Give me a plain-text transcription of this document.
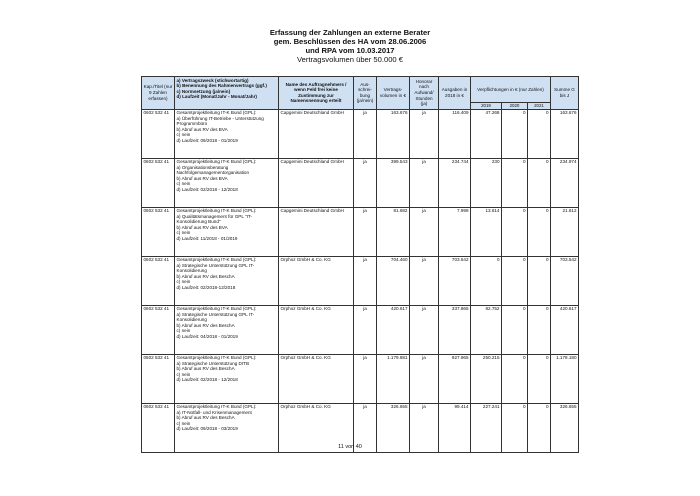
Erfassung der Zahlungen an externe Berater
gem. Beschlüssen des HA vom 28.06.2006
und RPA vom 10.03.2017
Vertragsvolumen über 50.000 €
Kap./Titel (nur 9 Zahlen erfassen)	a) Vertragszweck (stichwortartig)
b) Benennung des Rahmenvertrags (ggf.)
c) Normsetzung (ja/nein)
d) Laufzeit (Monat/Jahr - Monat/Jahr)	Name des Auftragnehmers / wenn Feld frei keine Zustimmung zur Namensnennung erteilt	Aus-schrei-bung (ja/nein)	Vertrags-volumen in €	Honorar nach Aufwand/ Stunden (ja)	Ausgaben in 2018 in €	Verpflichtungen in € (nur Zahlen)			Summe G bis J
							2019	2020	2021	
0602 532 41	Gesamtprojektleitung IT-K Bund (GPL):
a) Überführung IT-Betriebe - Unterstützung Programmbüro
b) Abruf aus RV des BVA
c) nein
d) Laufzeit: 09/2018 - 01/2019	Capgemini Deutschland GmbH	ja	163.676	ja	116.409	47.268	0	0	163.676
0602 532 41	Gesamtprojektleitung IT-K Bund (GPL):
a) Organisationsberatung Nachfolgemanagementorganisation
b) Abruf aus RV des BVA
c) nein
d) Laufzeit: 02/2018 - 12/2018	Capgemini Deutschland GmbH	ja	399.543	ja	234.744	230	0	0	234.974
0602 532 41	Gesamtprojektleitung IT-K Bund (GPL):
a) Qualitätsmanagement für GPL "IT-Konsolidierung Bund"
b) Abruf aus RV des BVA
c) nein
d) Laufzeit: 11/2018 - 01/2019	Capgemini Deutschland GmbH	ja	81.682	ja	7.998	13.614	0	0	21.612
0602 532 41	Gesamtprojektleitung IT-K Bund (GPL):
a) Strategische Unterstützung GPL IT-Konsolidierung
b) Abruf aus RV des BeschA
c) nein
d) Laufzeit: 02/2018-12/2018	Orphoz GmbH & Co. KG	ja	704.460	ja	703.542	0	0	0	703.542
0602 532 41	Gesamtprojektleitung IT-K Bund (GPL):
a) Strategische Unterstützung GPL IT-Konsolidierung
b) Abruf aus RV des BeschA
c) nein
d) Laufzeit: 04/2018 - 01/2019	Orphoz GmbH & Co. KG	ja	420.617	ja	337.865	82.752	0	0	420.617
0602 532 41	Gesamtprojektleitung IT-K Bund (GPL):
a) Strategische Unterstützung DITB
b) Abruf aus RV des BeschA
c) nein
d) Laufzeit: 02/2018 - 12/2018	Orphoz GmbH & Co. KG	ja	1.179.881	ja	927.965	250.215	0	0	1.178.180
0602 532 41	Gesamtprojektleitung IT-K Bund (GPL):
a) IT-Notfall- und Krisenmanagement
b) Abruf aus RV des BeschA
c) nein
d) Laufzeit: 09/2018 - 03/2019	Orphoz GmbH & Co. KG	ja	326.655	ja	99.414	227.241	0	0	326.655
11 von 40
